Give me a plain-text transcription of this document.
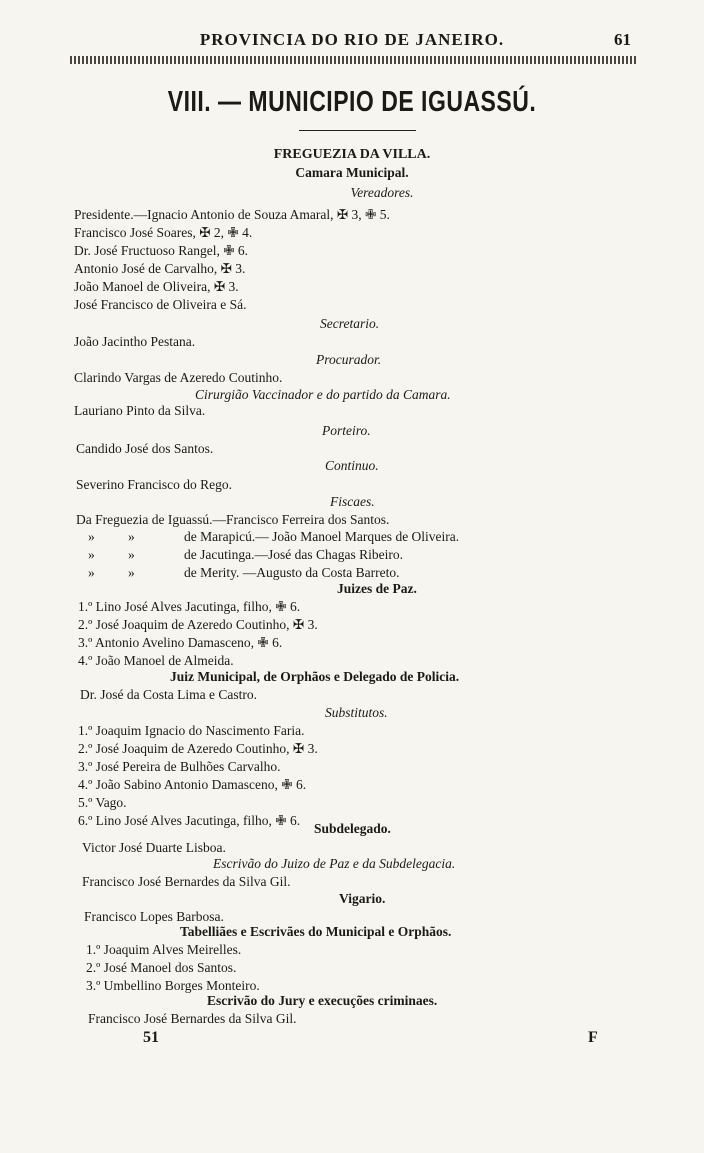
PROVINCIA DO RIO DE JANEIRO.	61
VIII. — MUNICIPIO DE IGUASSÚ.
FREGUEZIA DA VILLA.
Camara Municipal.
Vereadores.
Presidente.—Ignacio Antonio de Souza Amaral, ✠ 3, ✙ 5.
Francisco José Soares, ✠ 2, ✙ 4.
Dr. José Fructuoso Rangel, ✙ 6.
Antonio José de Carvalho, ✠ 3.
João Manoel de Oliveira, ✠ 3.
José Francisco de Oliveira e Sá.
Secretario.
João Jacintho Pestana.
Procurador.
Clarindo Vargas de Azeredo Coutinho.
Cirurgião Vaccinador e do partido da Camara.
Lauriano Pinto da Silva.
Porteiro.
Candido José dos Santos.
Continuo.
Severino Francisco do Rego.
Fiscaes.
Da Freguezia de Iguassú.—Francisco Ferreira dos Santos.
» »	de Marapicú.— João Manoel Marques de Oliveira.
» »	de Jacutinga.—José das Chagas Ribeiro.
» »	de Merity. —Augusto da Costa Barreto.
Juizes de Paz.
1.º Lino José Alves Jacutinga, filho, ✙ 6.
2.º José Joaquim de Azeredo Coutinho, ✠ 3.
3.º Antonio Avelino Damasceno, ✙ 6.
4.º João Manoel de Almeida.
Juiz Municipal, de Orphãos e Delegado de Policia.
Dr. José da Costa Lima e Castro.
Substitutos.
1.º Joaquim Ignacio do Nascimento Faria.
2.º José Joaquim de Azeredo Coutinho, ✠ 3.
3.º José Pereira de Bulhões Carvalho.
4.º João Sabino Antonio Damasceno, ✙ 6.
5.º Vago.
6.º Lino José Alves Jacutinga, filho, ✙ 6.
Subdelegado.
Victor José Duarte Lisboa.
Escrivão do Juizo de Paz e da Subdelegacia.
Francisco José Bernardes da Silva Gil.
Vigario.
Francisco Lopes Barbosa.
Tabelliães e Escrivães do Municipal e Orphãos.
1.º Joaquim Alves Meirelles.
2.º José Manoel dos Santos.
3.º Umbellino Borges Monteiro.
Escrivão do Jury e execuções criminaes.
Francisco José Bernardes da Silva Gil.
51	F
